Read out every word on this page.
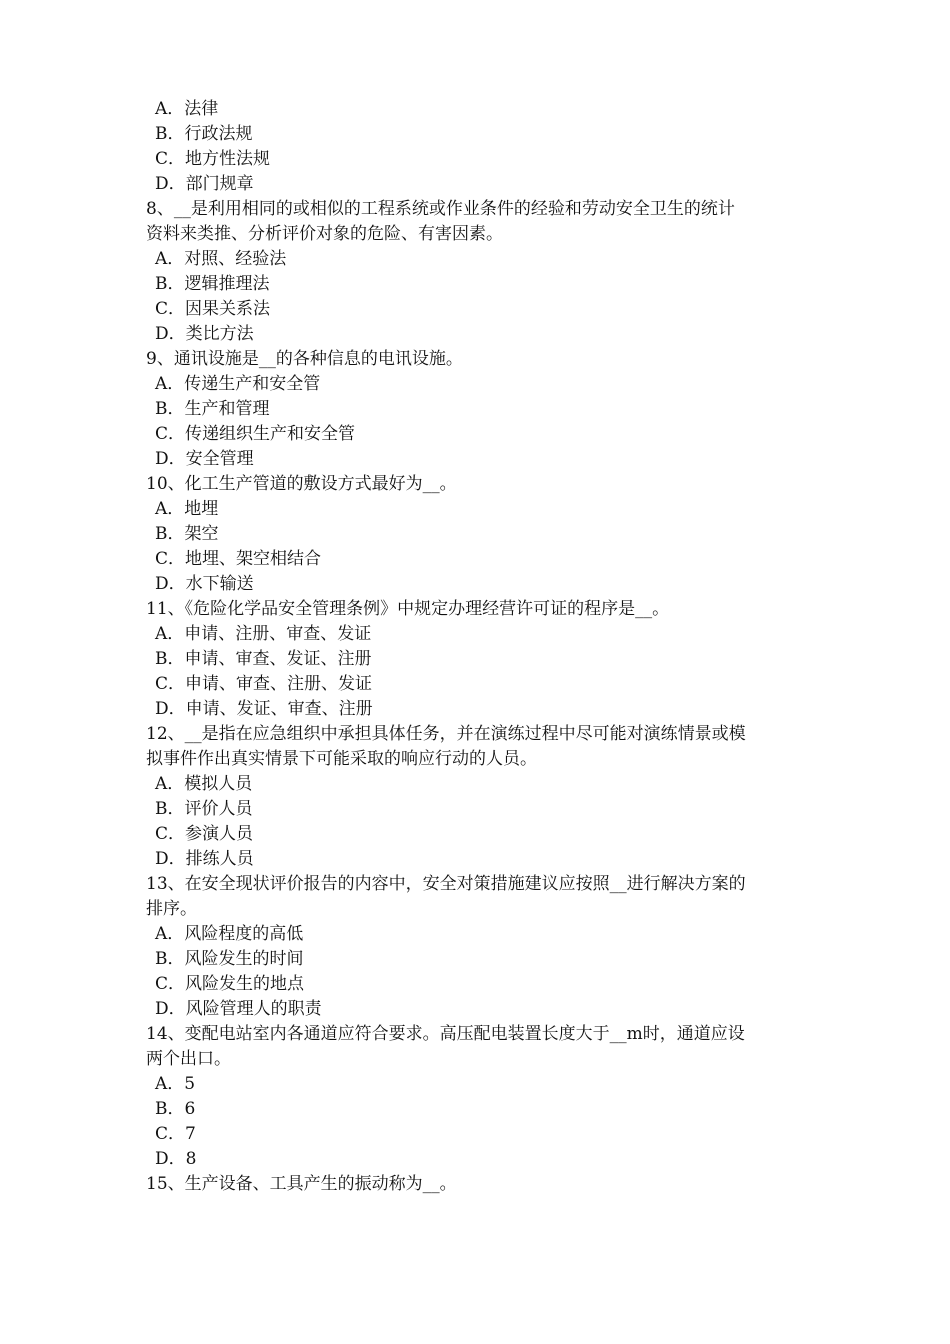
A．法律
B．行政法规
C．地方性法规
D．部门规章
8、__是利用相同的或相似的工程系统或作业条件的经验和劳动安全卫生的统计
资料来类推、分析评价对象的危险、有害因素。
A．对照、经验法
B．逻辑推理法
C．因果关系法
D．类比方法
9、通讯设施是__的各种信息的电讯设施。
A．传递生产和安全管
B．生产和管理
C．传递组织生产和安全管
D．安全管理
10、化工生产管道的敷设方式最好为__。
A．地埋
B．架空
C．地埋、架空相结合
D．水下输送
11、《危险化学品安全管理条例》中规定办理经营许可证的程序是__。
A．申请、注册、审查、发证
B．申请、审查、发证、注册
C．申请、审查、注册、发证
D．申请、发证、审查、注册
12、__是指在应急组织中承担具体任务，并在演练过程中尽可能对演练情景或模
拟事件作出真实情景下可能采取的响应行动的人员。
A．模拟人员
B．评价人员
C．参演人员
D．排练人员
13、在安全现状评价报告的内容中，安全对策措施建议应按照__进行解决方案的
排序。
A．风险程度的高低
B．风险发生的时间
C．风险发生的地点
D．风险管理人的职责
14、变配电站室内各通道应符合要求。高压配电装置长度大于__m时，通道应设
两个出口。
A．5
B．6
C．7
D．8
15、生产设备、工具产生的振动称为__。
